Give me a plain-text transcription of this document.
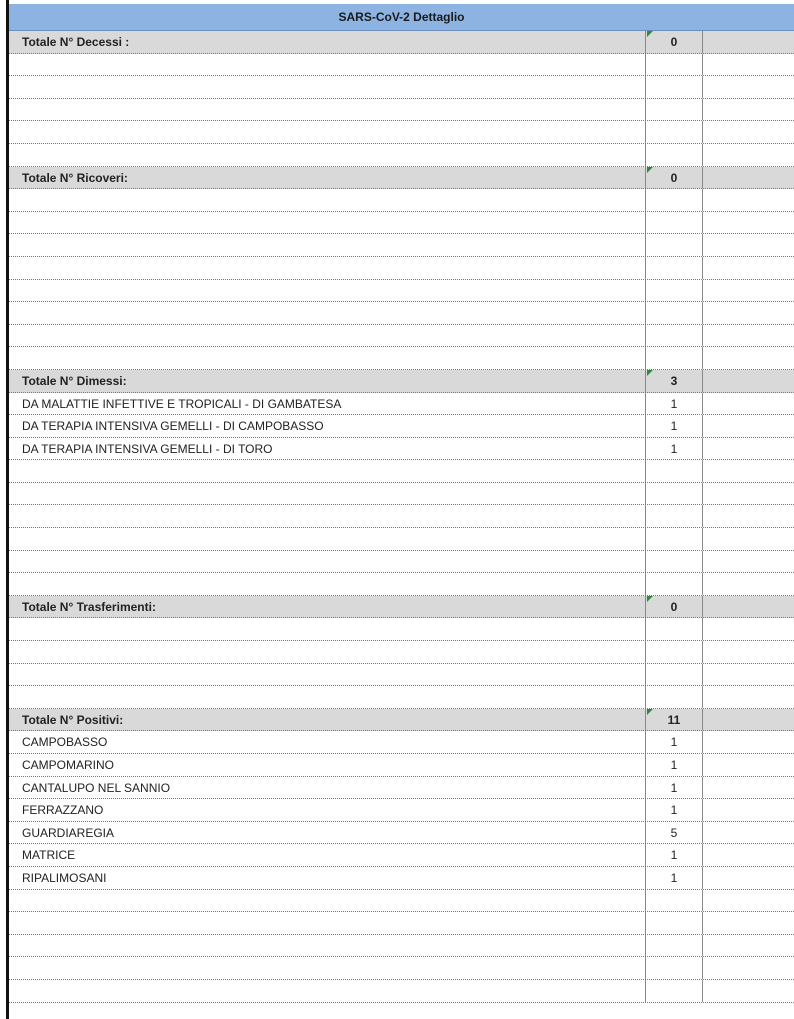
SARS-CoV-2 Dettaglio
Totale N° Decessi :	0
Totale N° Ricoveri:	0
Totale N° Dimessi:	3
DA MALATTIE INFETTIVE E TROPICALI - DI GAMBATESA	1
DA TERAPIA INTENSIVA GEMELLI - DI CAMPOBASSO	1
DA TERAPIA INTENSIVA GEMELLI - DI TORO	1
Totale N° Trasferimenti:	0
Totale N° Positivi:	11
CAMPOBASSO	1
CAMPOMARINO	1
CANTALUPO NEL SANNIO	1
FERRAZZANO	1
GUARDIAREGIA	5
MATRICE	1
RIPALIMOSANI	1
